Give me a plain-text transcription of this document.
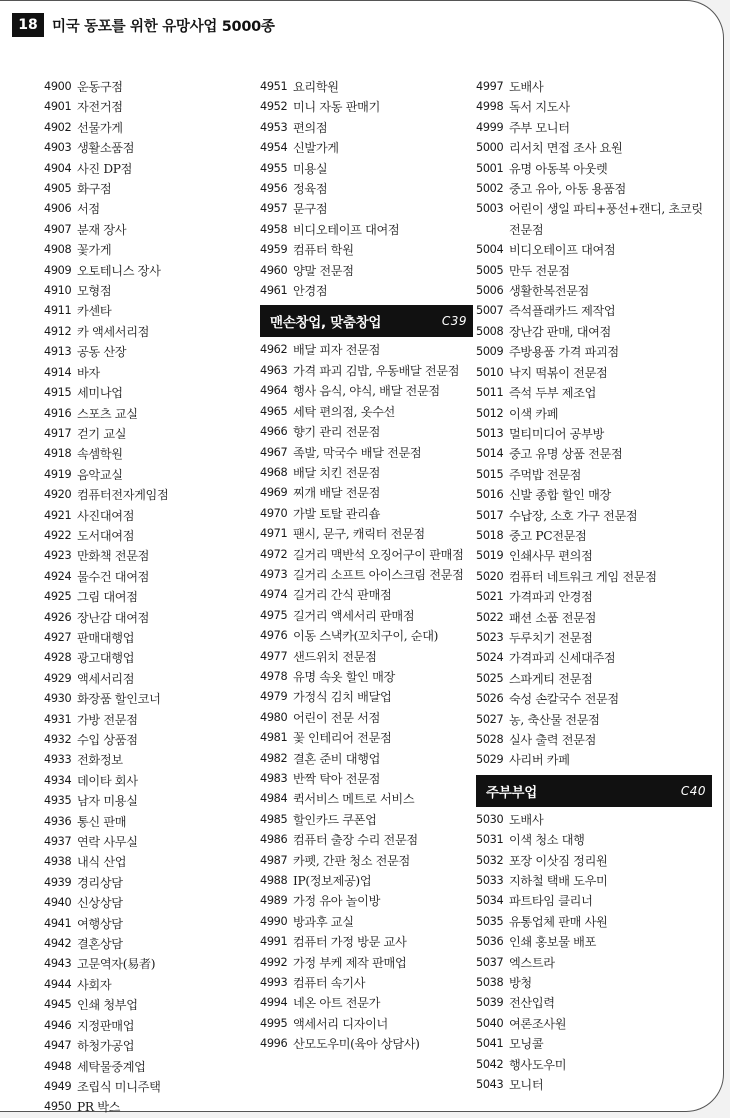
18 미국 동포를 위한 유망사업 5000종
4900 운동구점
4901 자전거점
4902 선물가게
4903 생활소품점
4904 사진 DP점
4905 화구점
4906 서점
4907 분재 장사
4908 꽃가게
4909 오토테니스 장사
4910 모형점
4911 카센타
4912 카 액세서리점
4913 공동 산장
4914 바자
4915 세미나업
4916 스포츠 교실
4917 걷기 교실
4918 속셈학원
4919 음악교실
4920 컴퓨터전자게임점
4921 사진대여점
4922 도서대여점
4923 만화책 전문점
4924 물수건 대여점
4925 그림 대여점
4926 장난감 대여점
4927 판매대행업
4928 광고대행업
4929 액세서리점
4930 화장품 할인코너
4931 가방 전문점
4932 수입 상품점
4933 전화정보
4934 데이타 회사
4935 남자 미용실
4936 통신 판매
4937 연락 사무실
4938 내식 산업
4939 경리상담
4940 신상상담
4941 여행상담
4942 결혼상담
4943 고문역자(易者)
4944 사회자
4945 인쇄 청부업
4946 지정판매업
4947 하청가공업
4948 세탁물중계업
4949 조립식 미니주택
4950 PR 박스
4951 요리학원
4952 미니 자동 판매기
4953 편의점
4954 신발가게
4955 미용실
4956 정육점
4957 문구점
4958 비디오테이프 대여점
4959 컴퓨터 학원
4960 양말 전문점
4961 안경점
맨손창업, 맞춤창업	C39
4962 배달 피자 전문점
4963 가격 파괴 김밥, 우동배달 전문점
4964 행사 음식, 야식, 배달 전문점
4965 세탁 편의점, 옷수선
4966 향기 관리 전문점
4967 족발, 막국수 배달 전문점
4968 배달 치킨 전문점
4969 찌개 배달 전문점
4970 가발 토탈 관리숍
4971 팬시, 문구, 캐릭터 전문점
4972 길거리 맥반석 오징어구이 판매점
4973 길거리 소프트 아이스크림 전문점
4974 길거리 간식 판매점
4975 길거리 액세서리 판매점
4976 이동 스낵카(꼬치구이, 순대)
4977 샌드위치 전문점
4978 유명 속옷 할인 매장
4979 가정식 김치 배달업
4980 어린이 전문 서점
4981 꽃 인테리어 전문점
4982 결혼 준비 대행업
4983 반짝 탁아 전문점
4984 퀵서비스 메트로 서비스
4985 할인카드 쿠폰업
4986 컴퓨터 출장 수리 전문점
4987 카펫, 간판 청소 전문점
4988 IP(정보제공)업
4989 가정 유아 놀이방
4990 방과후 교실
4991 컴퓨터 가정 방문 교사
4992 가정 부케 제작 판매업
4993 컴퓨터 속기사
4994 네온 아트 전문가
4995 액세서리 디자이너
4996 산모도우미(육아 상담사)
4997 도배사
4998 독서 지도사
4999 주부 모니터
5000 리서치 면접 조사 요원
5001 유명 아동복 아웃렛
5002 중고 유아, 아동 용품점
5003 어린이 생일 파티+풍선+캔디, 초코릿전문점
5004 비디오테이프 대여점
5005 만두 전문점
5006 생활한복전문점
5007 즉석플래카드 제작업
5008 장난감 판매, 대여점
5009 주방용품 가격 파괴점
5010 낙지 떡볶이 전문점
5011 즉석 두부 제조업
5012 이색 카페
5013 멀티미디어 공부방
5014 중고 유명 상품 전문점
5015 주먹밥 전문점
5016 신발 종합 할인 매장
5017 수납장, 소호 가구 전문점
5018 중고 PC전문점
5019 인쇄사무 편의점
5020 컴퓨터 네트워크 게임 전문점
5021 가격파괴 안경점
5022 패션 소품 전문점
5023 두루치기 전문점
5024 가격파괴 신세대주점
5025 스파게티 전문점
5026 숙성 손칼국수 전문점
5027 농, 축산물 전문점
5028 실사 출력 전문점
5029 사리버 카페
주부부업	C40
5030 도배사
5031 이색 청소 대행
5032 포장 이삿짐 정리원
5033 지하철 택배 도우미
5034 파트타임 클리너
5035 유통업체 판매 사원
5036 인쇄 홍보물 배포
5037 엑스트라
5038 방청
5039 전산입력
5040 여론조사원
5041 모닝콜
5042 행사도우미
5043 모니터
